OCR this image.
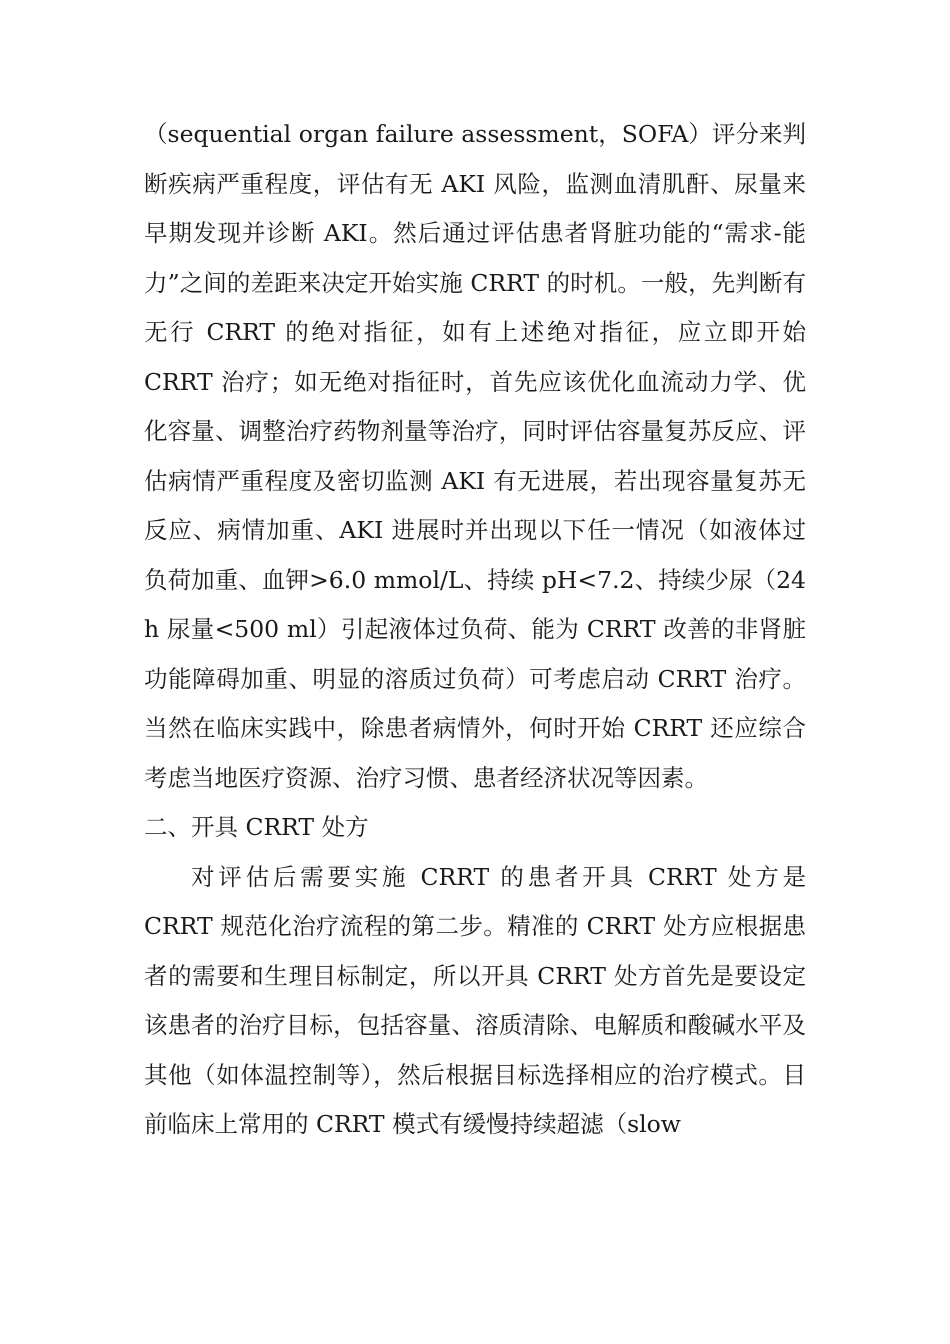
（sequential organ failure assessment，SOFA）评分来判断疾病严重程度，评估有无 AKI 风险，监测血清肌酐、尿量来早期发现并诊断 AKI。然后通过评估患者肾脏功能的“需求-能力”之间的差距来决定开始实施 CRRT 的时机。一般，先判断有无行 CRRT 的绝对指征，如有上述绝对指征，应立即开始 CRRT 治疗；如无绝对指征时，首先应该优化血流动力学、优化容量、调整治疗药物剂量等治疗，同时评估容量复苏反应、评估病情严重程度及密切监测 AKI 有无进展，若出现容量复苏无反应、病情加重、AKI 进展时并出现以下任一情况（如液体过负荷加重、血钾>6.0 mmol/L、持续 pH<7.2、持续少尿（24 h 尿量<500 ml）引起液体过负荷、能为 CRRT 改善的非肾脏功能障碍加重、明显的溶质过负荷）可考虑启动 CRRT 治疗。当然在临床实践中，除患者病情外，何时开始 CRRT 还应综合考虑当地医疗资源、治疗习惯、患者经济状况等因素。

二、开具 CRRT 处方

对评估后需要实施 CRRT 的患者开具 CRRT 处方是 CRRT 规范化治疗流程的第二步。精准的 CRRT 处方应根据患者的需要和生理目标制定，所以开具 CRRT 处方首先是要设定该患者的治疗目标，包括容量、溶质清除、电解质和酸碱水平及其他（如体温控制等），然后根据目标选择相应的治疗模式。目前临床上常用的 CRRT 模式有缓慢持续超滤（slow
